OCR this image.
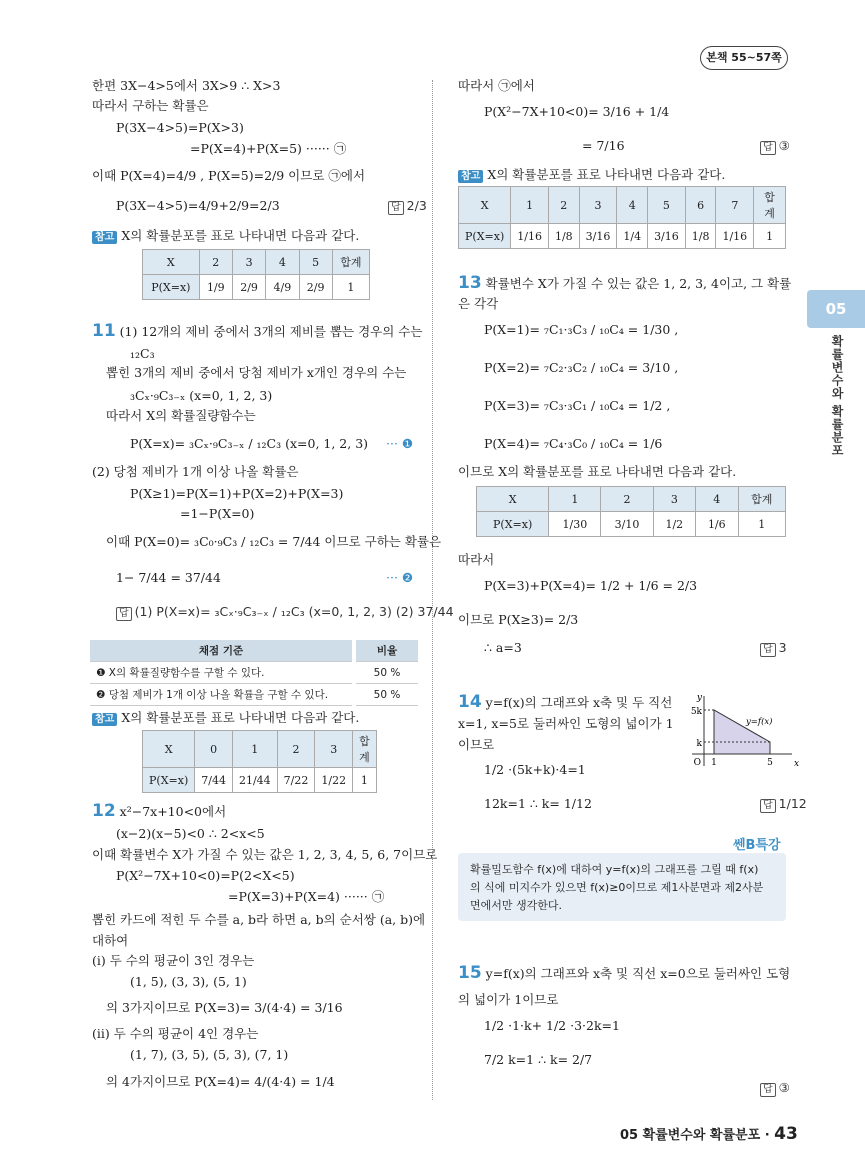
본책 55~57쪽
한편 3X−4>5에서 3X>9 ∴ X>3
따라서 구하는 확률은
P(3X−4>5)=P(X>3)
=P(X=4)+P(X=5) ······ ㉠
이때 P(X=4)=4/9 , P(X=5)=2/9 이므로 ㉠에서
P(3X−4>5)=4/9+2/9=2/3	답 2/3
참고 X의 확률분포를 표로 나타내면 다음과 같다.
X	2	3	4	5	합계
P(X=x)	1/9	2/9	4/9	2/9	1
11 (1) 12개의 제비 중에서 3개의 제비를 뽑는 경우의 수는
₁₂C₃
뽑힌 3개의 제비 중에서 당첨 제비가 x개인 경우의 수는
₃Cₓ·₉C₃₋ₓ (x=0, 1, 2, 3)
따라서 X의 확률질량함수는
P(X=x)= ₃Cₓ·₉C₃₋ₓ / ₁₂C₃ (x=0, 1, 2, 3) ··· ❶
(2) 당첨 제비가 1개 이상 나올 확률은
P(X≥1)=P(X=1)+P(X=2)+P(X=3)
=1−P(X=0)
이때 P(X=0)= ₃C₀·₉C₃ / ₁₂C₃ = 7/44 이므로 구하는 확률은
1− 7/44 = 37/44	··· ❷
답 (1) P(X=x)= ₃Cₓ·₉C₃₋ₓ / ₁₂C₃ (x=0, 1, 2, 3) (2) 37/44
채점 기준	비율
❶ X의 확률질량함수를 구할 수 있다.	50 %
❷ 당첨 제비가 1개 이상 나올 확률을 구할 수 있다.	50 %
참고 X의 확률분포를 표로 나타내면 다음과 같다.
X	0	1	2	3	합계
P(X=x)	7/44	21/44	7/22	1/22	1
12 x²−7x+10<0에서
(x−2)(x−5)<0 ∴ 2<x<5
이때 확률변수 X가 가질 수 있는 값은 1, 2, 3, 4, 5, 6, 7이므로
P(X²−7X+10<0)=P(2<X<5)
=P(X=3)+P(X=4) ······ ㉠
뽑힌 카드에 적힌 두 수를 a, b라 하면 a, b의 순서쌍 (a, b)에
대하여
(i) 두 수의 평균이 3인 경우는
(1, 5), (3, 3), (5, 1)
의 3가지이므로 P(X=3)= 3/(4·4) = 3/16
(ii) 두 수의 평균이 4인 경우는
(1, 7), (3, 5), (5, 3), (7, 1)
의 4가지이므로 P(X=4)= 4/(4·4) = 1/4
따라서 ㉠에서
P(X²−7X+10<0)= 3/16 + 1/4
= 7/16	답 ③
참고 X의 확률분포를 표로 나타내면 다음과 같다.
X	1	2	3	4	5	6	7	합계
P(X=x)	1/16	1/8	3/16	1/4	3/16	1/8	1/16	1
13 확률변수 X가 가질 수 있는 값은 1, 2, 3, 4이고, 그 확률
은 각각
P(X=1)= ₇C₁·₃C₃ / ₁₀C₄ = 1/30 ,
P(X=2)= ₇C₂·₃C₂ / ₁₀C₄ = 3/10 ,
P(X=3)= ₇C₃·₃C₁ / ₁₀C₄ = 1/2 ,
P(X=4)= ₇C₄·₃C₀ / ₁₀C₄ = 1/6
이므로 X의 확률분포를 표로 나타내면 다음과 같다.
X	1	2	3	4	합계
P(X=x)	1/30	3/10	1/2	1/6	1
따라서
P(X=3)+P(X=4)= 1/2 + 1/6 = 2/3
이므로 P(X≥3)= 2/3
∴ a=3	답 3
14 y=f(x)의 그래프와 x축 및 두 직선
x=1, x=5로 둘러싸인 도형의 넓이가 1
이므로
1/2 ·(5k+k)·4=1
12k=1 ∴ k= 1/12	답 1/12
y
x
5k
k
O 1	5
y=f(x)
쎈B특강
확률밀도함수 f(x)에 대하여 y=f(x)의 그래프를 그릴 때 f(x)
의 식에 미지수가 있으면 f(x)≥0이므로 제1사분면과 제2사분
면에서만 생각한다.
15 y=f(x)의 그래프와 x축 및 직선 x=0으로 둘러싸인 도형
의 넓이가 1이므로
1/2 ·1·k+ 1/2 ·3·2k=1
7/2 k=1 ∴ k= 2/7
답 ③
05
확률변수와 확률분포
05 확률변수와 확률분포 · 43
